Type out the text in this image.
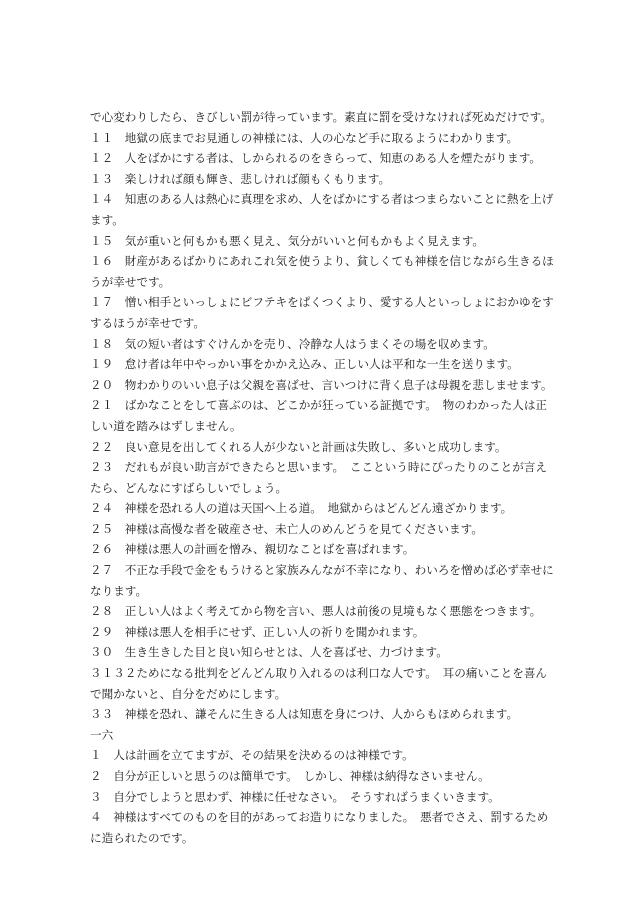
で心変わりしたら、きびしい罰が待っています。素直に罰を受けなければ死ぬだけです。
１１　地獄の底までお見通しの神様には、人の心など手に取るようにわかります。
１２　人をばかにする者は、しかられるのをきらって、知恵のある人を煙たがります。
１３　楽しければ顔も輝き、悲しければ顔もくもります。
１４　知恵のある人は熱心に真理を求め、人をばかにする者はつまらないことに熱を上げ
ます。
１５　気が重いと何もかも悪く見え、気分がいいと何もかもよく見えます。
１６　財産があるばかりにあれこれ気を使うより、貧しくても神様を信じながら生きるほ
うが幸せです。
１７　憎い相手といっしょにビフテキをぱくつくより、愛する人といっしょにおかゆをす
するほうが幸せです。
１８　気の短い者はすぐけんかを売り、冷静な人はうまくその場を収めます。
１９　怠け者は年中やっかい事をかかえ込み、正しい人は平和な一生を送ります。
２０　物わかりのいい息子は父親を喜ばせ、言いつけに背く息子は母親を悲しませます。
２１　ばかなことをして喜ぶのは、どこかが狂っている証拠です。　物のわかった人は正
しい道を踏みはずしません。
２２　良い意見を出してくれる人が少ないと計画は失敗し、多いと成功します。
２３　だれもが良い助言ができたらと思います。　ここという時にぴったりのことが言え
たら、どんなにすばらしいでしょう。
２４　神様を恐れる人の道は天国へ上る道。　地獄からはどんどん遠ざかります。
２５　神様は高慢な者を破産させ、未亡人のめんどうを見てくださいます。
２６　神様は悪人の計画を憎み、親切なことばを喜ばれます。
２７　不正な手段で金をもうけると家族みんなが不幸になり、わいろを憎めば必ず幸せに
なります。
２８　正しい人はよく考えてから物を言い、悪人は前後の見境もなく悪態をつきます。
２９　神様は悪人を相手にせず、正しい人の祈りを聞かれます。
３０　生き生きした目と良い知らせとは、人を喜ばせ、力づけます。
３１３２ためになる批判をどんどん取り入れるのは利口な人です。　耳の痛いことを喜ん
で聞かないと、自分をだめにします。
３３　神様を恐れ、謙そんに生きる人は知恵を身につけ、人からもほめられます。
一六
１　人は計画を立てますが、その結果を決めるのは神様です。
２　自分が正しいと思うのは簡単です。　しかし、神様は納得なさいません。
３　自分でしようと思わず、神様に任せなさい。　そうすればうまくいきます。
４　神様はすべてのものを目的があってお造りになりました。　悪者でさえ、罰するため
に造られたのです。
